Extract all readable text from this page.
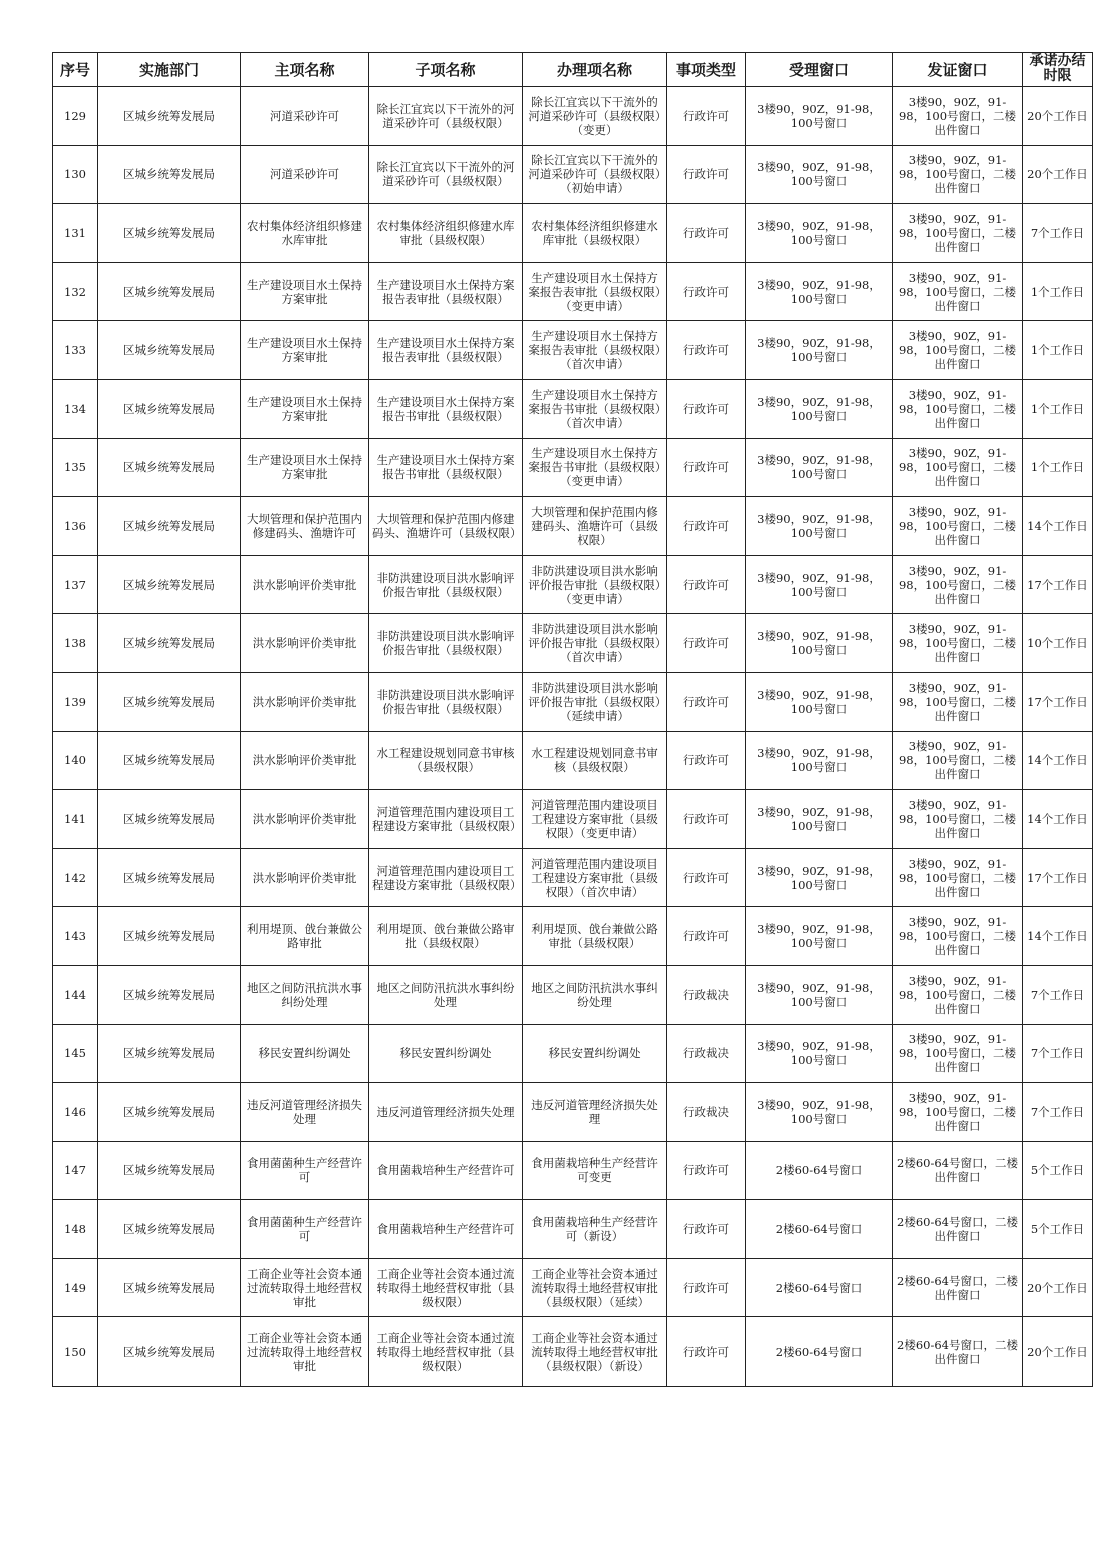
序号	实施部门	主项名称	子项名称	办理项名称	事项类型	受理窗口	发证窗口	承诺办结时限
129	区城乡统筹发展局	河道采砂许可	除长江宜宾以下干流外的河道采砂许可（县级权限）	除长江宜宾以下干流外的河道采砂许可（县级权限）（变更）	行政许可	3楼90，90Z，91-98，100号窗口	3楼90，90Z，91-98，100号窗口，二楼出件窗口	20个工作日
130	区城乡统筹发展局	河道采砂许可	除长江宜宾以下干流外的河道采砂许可（县级权限）	除长江宜宾以下干流外的河道采砂许可（县级权限）（初始申请）	行政许可	3楼90，90Z，91-98，100号窗口	3楼90，90Z，91-98，100号窗口，二楼出件窗口	20个工作日
131	区城乡统筹发展局	农村集体经济组织修建水库审批	农村集体经济组织修建水库审批（县级权限）	农村集体经济组织修建水库审批（县级权限）	行政许可	3楼90，90Z，91-98，100号窗口	3楼90，90Z，91-98，100号窗口，二楼出件窗口	7个工作日
132	区城乡统筹发展局	生产建设项目水土保持方案审批	生产建设项目水土保持方案报告表审批（县级权限）	生产建设项目水土保持方案报告表审批（县级权限）（变更申请）	行政许可	3楼90，90Z，91-98，100号窗口	3楼90，90Z，91-98，100号窗口，二楼出件窗口	1个工作日
133	区城乡统筹发展局	生产建设项目水土保持方案审批	生产建设项目水土保持方案报告表审批（县级权限）	生产建设项目水土保持方案报告表审批（县级权限）（首次申请）	行政许可	3楼90，90Z，91-98，100号窗口	3楼90，90Z，91-98，100号窗口，二楼出件窗口	1个工作日
134	区城乡统筹发展局	生产建设项目水土保持方案审批	生产建设项目水土保持方案报告书审批（县级权限）	生产建设项目水土保持方案报告书审批（县级权限）（首次申请）	行政许可	3楼90，90Z，91-98，100号窗口	3楼90，90Z，91-98，100号窗口，二楼出件窗口	1个工作日
135	区城乡统筹发展局	生产建设项目水土保持方案审批	生产建设项目水土保持方案报告书审批（县级权限）	生产建设项目水土保持方案报告书审批（县级权限）（变更申请）	行政许可	3楼90，90Z，91-98，100号窗口	3楼90，90Z，91-98，100号窗口，二楼出件窗口	1个工作日
136	区城乡统筹发展局	大坝管理和保护范围内修建码头、渔塘许可	大坝管理和保护范围内修建码头、渔塘许可（县级权限）	大坝管理和保护范围内修建码头、渔塘许可（县级权限）	行政许可	3楼90，90Z，91-98，100号窗口	3楼90，90Z，91-98，100号窗口，二楼出件窗口	14个工作日
137	区城乡统筹发展局	洪水影响评价类审批	非防洪建设项目洪水影响评价报告审批（县级权限）	非防洪建设项目洪水影响评价报告审批（县级权限）（变更申请）	行政许可	3楼90，90Z，91-98，100号窗口	3楼90，90Z，91-98，100号窗口，二楼出件窗口	17个工作日
138	区城乡统筹发展局	洪水影响评价类审批	非防洪建设项目洪水影响评价报告审批（县级权限）	非防洪建设项目洪水影响评价报告审批（县级权限）（首次申请）	行政许可	3楼90，90Z，91-98，100号窗口	3楼90，90Z，91-98，100号窗口，二楼出件窗口	10个工作日
139	区城乡统筹发展局	洪水影响评价类审批	非防洪建设项目洪水影响评价报告审批（县级权限）	非防洪建设项目洪水影响评价报告审批（县级权限）（延续申请）	行政许可	3楼90，90Z，91-98，100号窗口	3楼90，90Z，91-98，100号窗口，二楼出件窗口	17个工作日
140	区城乡统筹发展局	洪水影响评价类审批	水工程建设规划同意书审核（县级权限）	水工程建设规划同意书审核（县级权限）	行政许可	3楼90，90Z，91-98，100号窗口	3楼90，90Z，91-98，100号窗口，二楼出件窗口	14个工作日
141	区城乡统筹发展局	洪水影响评价类审批	河道管理范围内建设项目工程建设方案审批（县级权限）	河道管理范围内建设项目工程建设方案审批（县级权限）（变更申请）	行政许可	3楼90，90Z，91-98，100号窗口	3楼90，90Z，91-98，100号窗口，二楼出件窗口	14个工作日
142	区城乡统筹发展局	洪水影响评价类审批	河道管理范围内建设项目工程建设方案审批（县级权限）	河道管理范围内建设项目工程建设方案审批（县级权限）（首次申请）	行政许可	3楼90，90Z，91-98，100号窗口	3楼90，90Z，91-98，100号窗口，二楼出件窗口	17个工作日
143	区城乡统筹发展局	利用堤顶、戗台兼做公路审批	利用堤顶、戗台兼做公路审批（县级权限）	利用堤顶、戗台兼做公路审批（县级权限）	行政许可	3楼90，90Z，91-98，100号窗口	3楼90，90Z，91-98，100号窗口，二楼出件窗口	14个工作日
144	区城乡统筹发展局	地区之间防汛抗洪水事纠纷处理	地区之间防汛抗洪水事纠纷处理	地区之间防汛抗洪水事纠纷处理	行政裁决	3楼90，90Z，91-98，100号窗口	3楼90，90Z，91-98，100号窗口，二楼出件窗口	7个工作日
145	区城乡统筹发展局	移民安置纠纷调处	移民安置纠纷调处	移民安置纠纷调处	行政裁决	3楼90，90Z，91-98，100号窗口	3楼90，90Z，91-98，100号窗口，二楼出件窗口	7个工作日
146	区城乡统筹发展局	违反河道管理经济损失处理	违反河道管理经济损失处理	违反河道管理经济损失处理	行政裁决	3楼90，90Z，91-98，100号窗口	3楼90，90Z，91-98，100号窗口，二楼出件窗口	7个工作日
147	区城乡统筹发展局	食用菌菌种生产经营许可	食用菌栽培种生产经营许可	食用菌栽培种生产经营许可变更	行政许可	2楼60-64号窗口	2楼60-64号窗口，二楼出件窗口	5个工作日
148	区城乡统筹发展局	食用菌菌种生产经营许可	食用菌栽培种生产经营许可	食用菌栽培种生产经营许可（新设）	行政许可	2楼60-64号窗口	2楼60-64号窗口，二楼出件窗口	5个工作日
149	区城乡统筹发展局	工商企业等社会资本通过流转取得土地经营权审批	工商企业等社会资本通过流转取得土地经营权审批（县级权限）	工商企业等社会资本通过流转取得土地经营权审批（县级权限）（延续）	行政许可	2楼60-64号窗口	2楼60-64号窗口，二楼出件窗口	20个工作日
150	区城乡统筹发展局	工商企业等社会资本通过流转取得土地经营权审批	工商企业等社会资本通过流转取得土地经营权审批（县级权限）	工商企业等社会资本通过流转取得土地经营权审批（县级权限）（新设）	行政许可	2楼60-64号窗口	2楼60-64号窗口，二楼出件窗口	20个工作日
